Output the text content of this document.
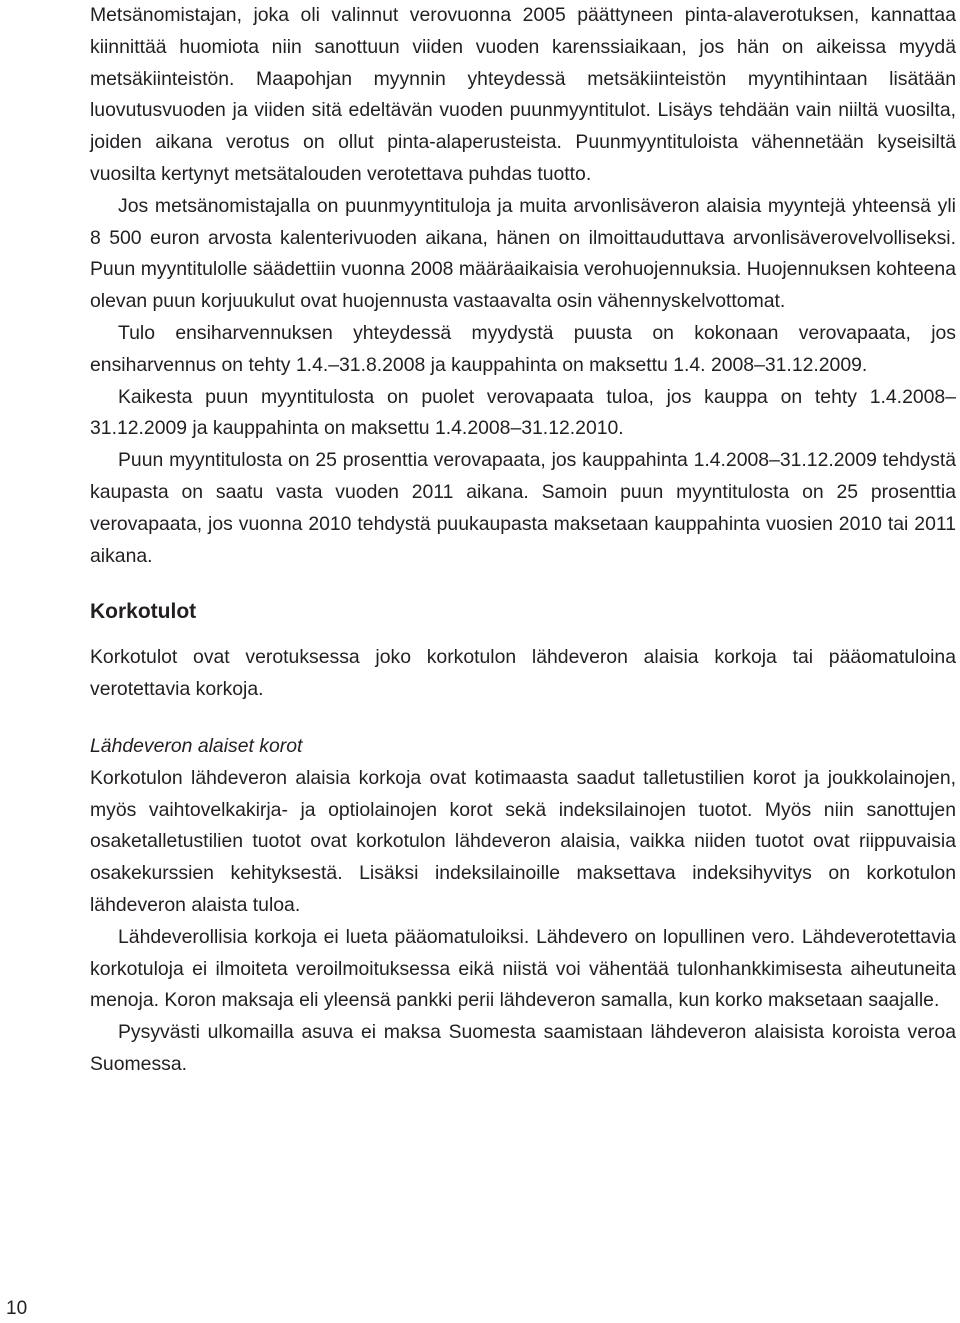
Metsänomistajan, joka oli valinnut verovuonna 2005 päättyneen pinta-alaverotuksen, kannattaa kiinnittää huomiota niin sanottuun viiden vuoden karenssiaikaan, jos hän on aikeissa myydä metsäkiinteistön. Maapohjan myynnin yhteydessä metsäkiinteistön myyntihintaan lisätään luovutusvuoden ja viiden sitä edeltävän vuoden puunmyyntitulot. Lisäys tehdään vain niiltä vuosilta, joiden aikana verotus on ollut pinta-alaperusteista. Puunmyyntituloista vähennetään kyseisiltä vuosilta kertynyt metsätalouden verotettava puhdas tuotto.

Jos metsänomistajalla on puunmyyntituloja ja muita arvonlisäveron alaisia myyntejä yhteensä yli 8 500 euron arvosta kalenterivuoden aikana, hänen on ilmoittauduttava arvonlisäverovelvolliseksi. Puun myyntitulolle säädettiin vuonna 2008 määräaikaisia verohuojennuksia. Huojennuksen kohteena olevan puun korjuukulut ovat huojennusta vastaavalta osin vähennyskelvottomat.

Tulo ensiharvennuksen yhteydessä myydystä puusta on kokonaan verovapaata, jos ensiharvennus on tehty 1.4.–31.8.2008 ja kauppahinta on maksettu 1.4. 2008–31.12.2009.

Kaikesta puun myyntitulosta on puolet verovapaata tuloa, jos kauppa on tehty 1.4.2008–31.12.2009 ja kauppahinta on maksettu 1.4.2008–31.12.2010.

Puun myyntitulosta on 25 prosenttia verovapaata, jos kauppahinta 1.4.2008–31.12.2009 tehdystä kaupasta on saatu vasta vuoden 2011 aikana. Samoin puun myyntitulosta on 25 prosenttia verovapaata, jos vuonna 2010 tehdystä puukaupasta maksetaan kauppahinta vuosien 2010 tai 2011 aikana.

Korkotulot

Korkotulot ovat verotuksessa joko korkotulon lähdeveron alaisia korkoja tai pääomatuloina verotettavia korkoja.

Lähdeveron alaiset korot

Korkotulon lähdeveron alaisia korkoja ovat kotimaasta saadut talletustilien korot ja joukkolainojen, myös vaihtovelkakirja- ja optiolainojen korot sekä indeksilainojen tuotot. Myös niin sanottujen osaketalletustilien tuotot ovat korkotulon lähdeveron alaisia, vaikka niiden tuotot ovat riippuvaisia osakekurssien kehityksestä. Lisäksi indeksilainoille maksettava indeksihyvitys on korkotulon lähdeveron alaista tuloa.

Lähdeverollisia korkoja ei lueta pääomatuloiksi. Lähdevero on lopullinen vero. Lähdeverotettavia korkotuloja ei ilmoiteta veroilmoituksessa eikä niistä voi vähentää tulonhankkimisesta aiheutuneita menoja. Koron maksaja eli yleensä pankki perii lähdeveron samalla, kun korko maksetaan saajalle.

Pysyvästi ulkomailla asuva ei maksa Suomesta saamistaan lähdeveron alaisista koroista veroa Suomessa.

10
